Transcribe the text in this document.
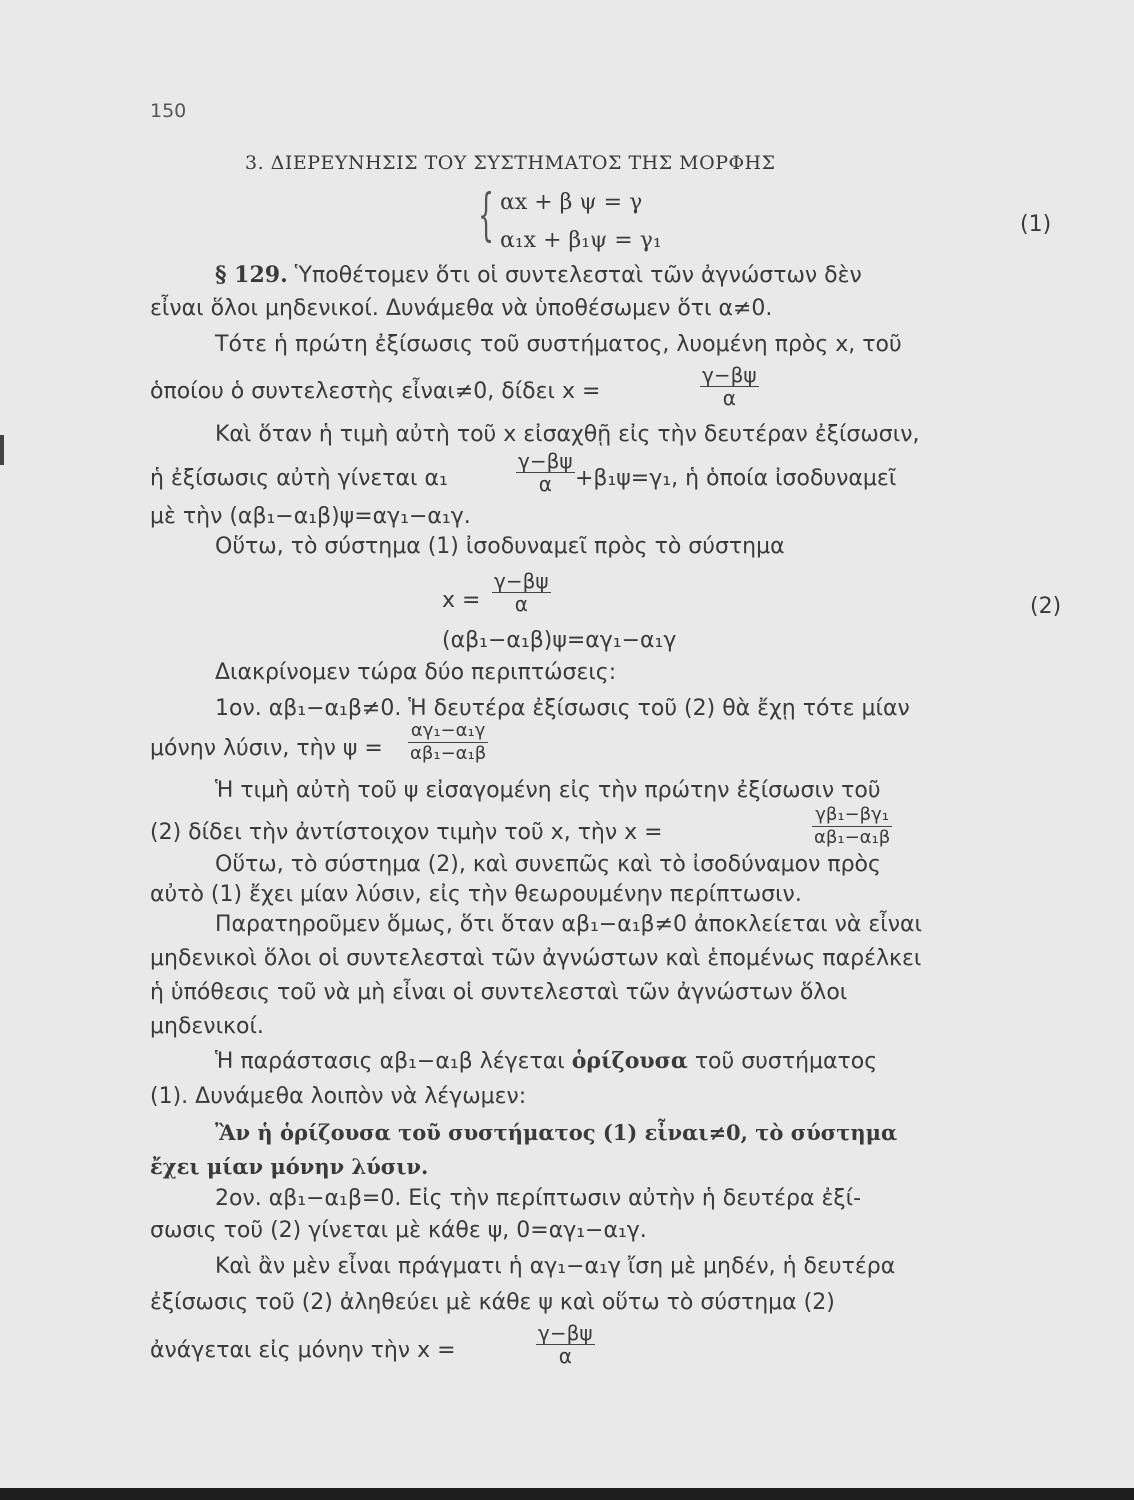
150
3. ΔΙΕΡΕΥΝΗΣΙΣ ΤΟΥ ΣΥΣΤΗΜΑΤΟΣ ΤΗΣ ΜΟΡΦΗΣ
{ αx + β ψ = γ
α₁x + β₁ψ = γ₁
(1)
§ 129. Ὑποθέτομεν ὅτι οἱ συντελεσταὶ τῶν ἀγνώστων δὲν
εἶναι ὅλοι μηδενικοί. Δυνάμεθα νὰ ὑποθέσωμεν ὅτι α≠0.
Τότε ἡ πρώτη ἐξίσωσις τοῦ συστήματος, λυομένη πρὸς x, τοῦ
ὁποίου ὁ συντελεστὴς εἶναι≠0, δίδει x =	$\frac{\gamma-\beta\psi}{\alpha}$
Καὶ ὅταν ἡ τιμὴ αὐτὴ τοῦ x εἰσαχθῇ εἰς τὴν δευτέραν ἐξίσωσιν,
ἡ ἐξίσωσις αὐτὴ γίνεται α₁	$\frac{\gamma-\beta\psi}{\alpha} +\beta_1\psi=\gamma_1$, ἡ ὁποία ἰσοδυναμεῖ
μὲ τὴν (αβ₁−α₁β)ψ=αγ₁−α₁γ.
Οὕτω, τὸ σύστημα (1) ἰσοδυναμεῖ πρὸς τὸ σύστημα
$x = \frac{\gamma-\beta\psi}{\alpha}$	(2)
(αβ₁−α₁β)ψ=αγ₁−α₁γ
Διακρίνομεν τώρα δύο περιπτώσεις:
1ον. αβ₁−α₁β≠0. Ἡ δευτέρα ἐξίσωσις τοῦ (2) θὰ ἔχῃ τότε μίαν
μόνην λύσιν, τὴν $\psi = \frac{\text{αγ₁−α₁γ}}{\text{αβ₁−α₁β}}$
Ἡ τιμὴ αὐτὴ τοῦ ψ εἰσαγομένη εἰς τὴν πρώτην ἐξίσωσιν τοῦ
(2) δίδει τὴν ἀντίστοιχον τιμὴν τοῦ x, τὴν x =	$\frac{\text{γβ₁−βγ₁}}{\text{αβ₁−α₁β}}$
Οὕτω, τὸ σύστημα (2), καὶ συνεπῶς καὶ τὸ ἰσοδύναμον πρὸς
αὐτὸ (1) ἔχει μίαν λύσιν, εἰς τὴν θεωρουμένην περίπτωσιν.
Παρατηροῦμεν ὅμως, ὅτι ὅταν αβ₁−α₁β≠0 ἀποκλείεται νὰ εἶναι
μηδενικοὶ ὅλοι οἱ συντελεσταὶ τῶν ἀγνώστων καὶ ἑπομένως παρέλκει
ἡ ὑπόθεσις τοῦ νὰ μὴ εἶναι οἱ συντελεσταὶ τῶν ἀγνώστων ὅλοι
μηδενικοί.
Ἡ παράστασις αβ₁−α₁β λέγεται ὁρίζουσα τοῦ συστήματος
(1). Δυνάμεθα λοιπὸν νὰ λέγωμεν:
Ἂν ἡ ὁρίζουσα τοῦ συστήματος (1) εἶναι≠0, τὸ σύστημα
ἔχει μίαν μόνην λύσιν.
2ον. αβ₁−α₁β=0. Εἰς τὴν περίπτωσιν αὐτὴν ἡ δευτέρα ἐξί-
σωσις τοῦ (2) γίνεται μὲ κάθε ψ, 0=αγ₁−α₁γ.
Καὶ ἂν μὲν εἶναι πράγματι ἡ αγ₁−α₁γ ἴση μὲ μηδέν, ἡ δευτέρα
ἐξίσωσις τοῦ (2) ἀληθεύει μὲ κάθε ψ καὶ οὕτω τὸ σύστημα (2)
ἀνάγεται εἰς μόνην τὴν x =	$\frac{\gamma-\beta\psi}{\alpha}$
